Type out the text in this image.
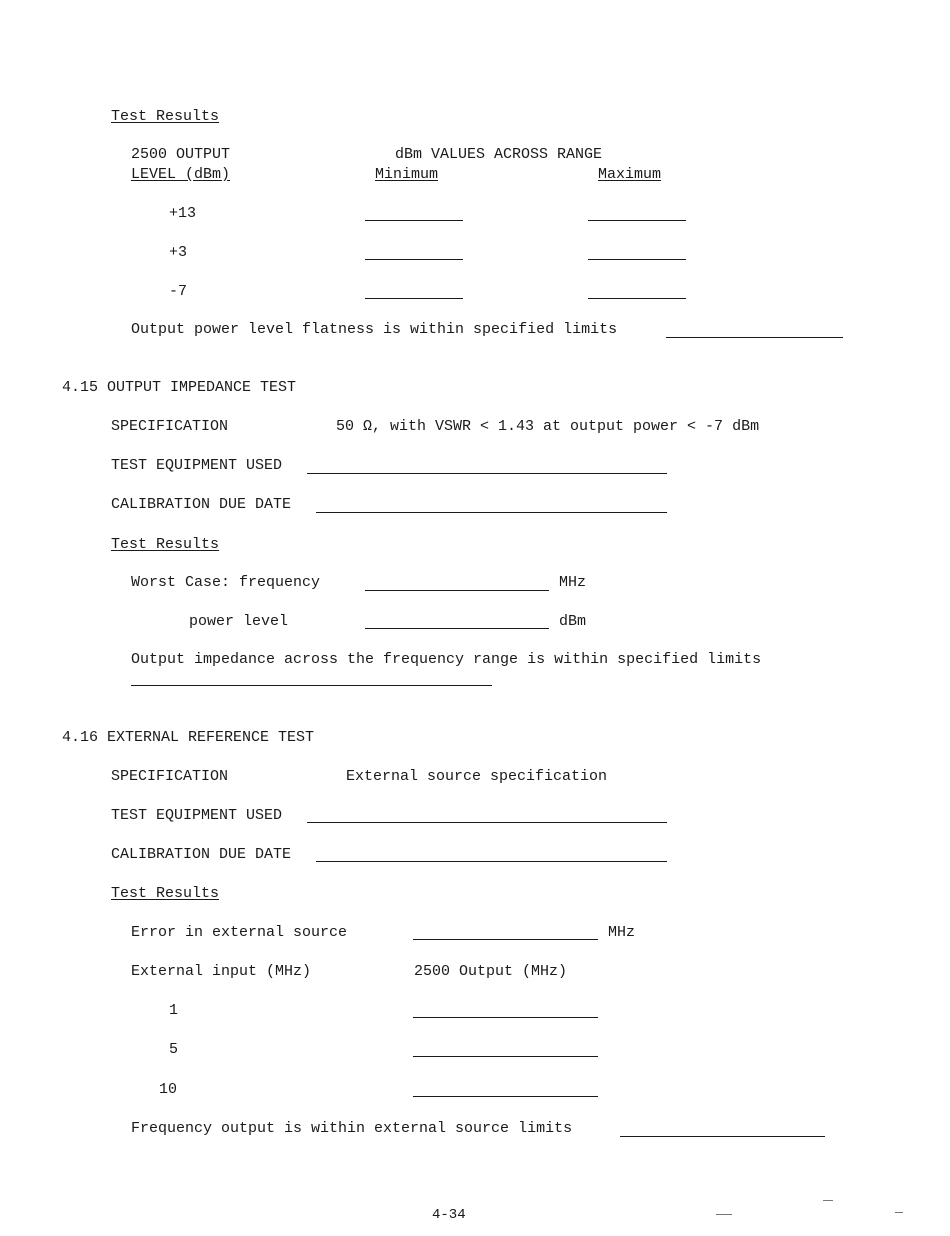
Test Results
2500 OUTPUT
LEVEL (dBm)
dBm VALUES ACROSS RANGE
Minimum	Maximum
+13
+3
-7
Output power level flatness is within specified limits
4.15 OUTPUT IMPEDANCE TEST
SPECIFICATION	50 Ω, with VSWR < 1.43 at output power < -7 dBm
TEST EQUIPMENT USED
CALIBRATION DUE DATE
Test Results
Worst Case: frequency	MHz
power level	dBm
Output impedance across the frequency range is within specified limits
4.16 EXTERNAL REFERENCE TEST
SPECIFICATION	External source specification
TEST EQUIPMENT USED
CALIBRATION DUE DATE
Test Results
Error in external source	MHz
External input (MHz)	2500 Output (MHz)
1
5
10
Frequency output is within external source limits
4-34
